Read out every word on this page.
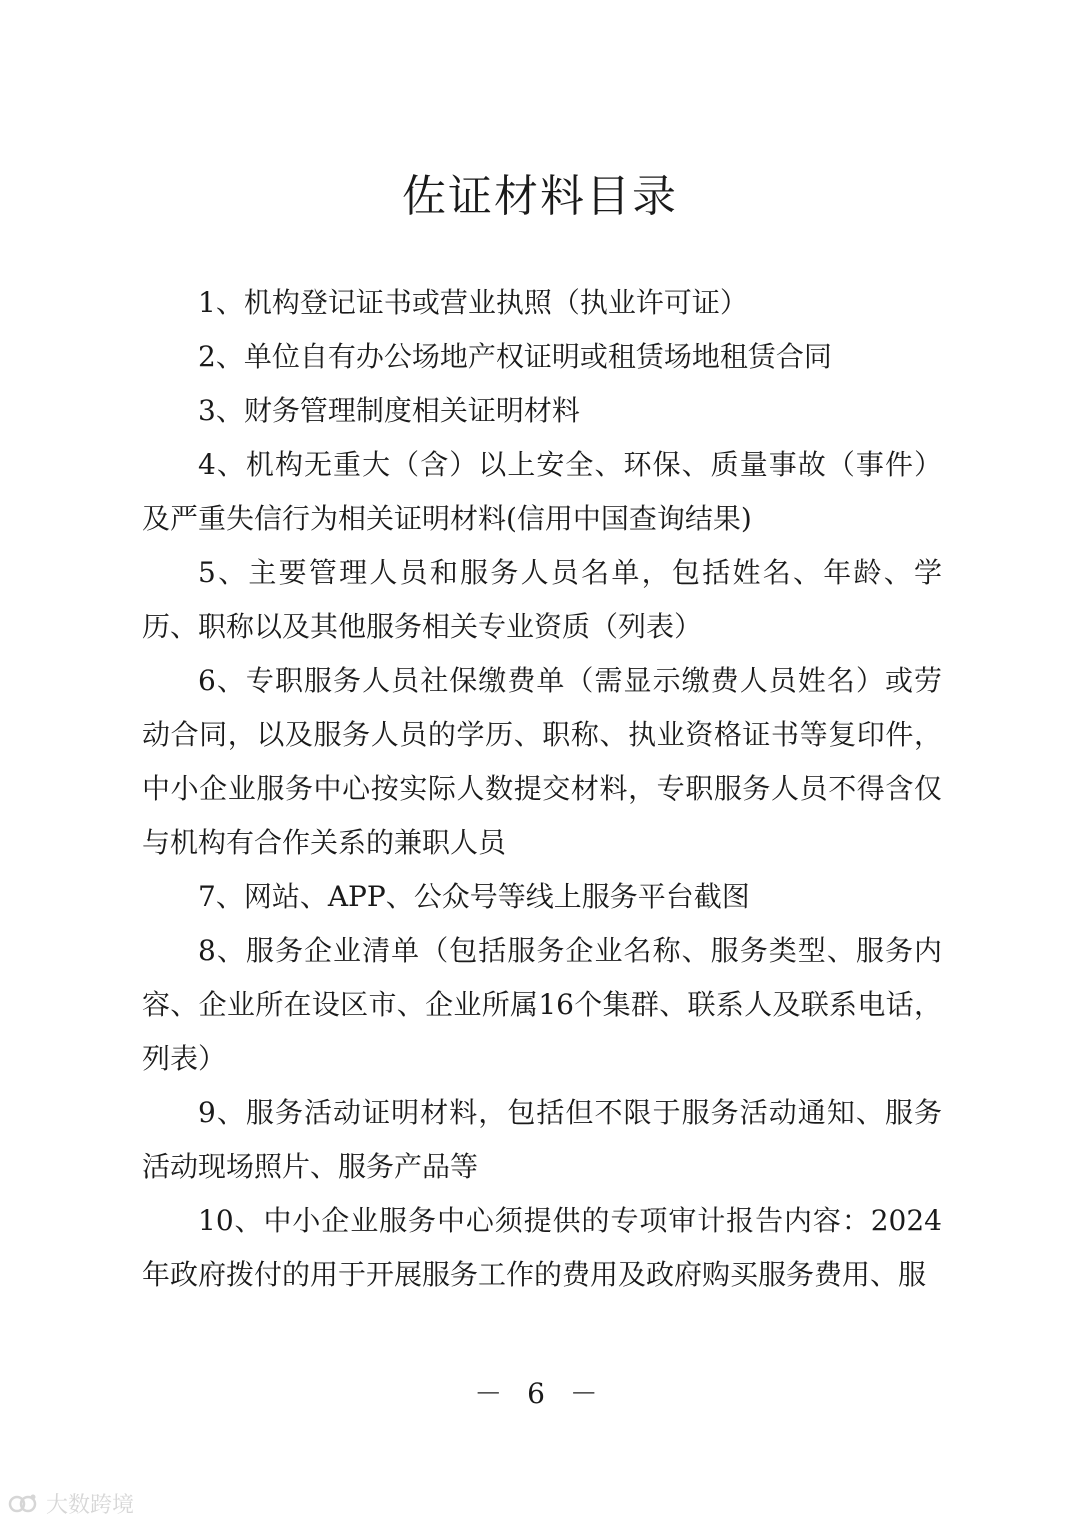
佐证材料目录

1、机构登记证书或营业执照（执业许可证）

2、单位自有办公场地产权证明或租赁场地租赁合同

3、财务管理制度相关证明材料

4、机构无重大（含）以上安全、环保、质量事故（事件）及严重失信行为相关证明材料(信用中国查询结果)

5、主要管理人员和服务人员名单，包括姓名、年龄、学历、职称以及其他服务相关专业资质（列表）

6、专职服务人员社保缴费单（需显示缴费人员姓名）或劳动合同，以及服务人员的学历、职称、执业资格证书等复印件，中小企业服务中心按实际人数提交材料，专职服务人员不得含仅与机构有合作关系的兼职人员

7、网站、APP、公众号等线上服务平台截图

8、服务企业清单（包括服务企业名称、服务类型、服务内容、企业所在设区市、企业所属16个集群、联系人及联系电话，列表）

9、服务活动证明材料，包括但不限于服务活动通知、服务活动现场照片、服务产品等

10、中小企业服务中心须提供的专项审计报告内容：2024年政府拨付的用于开展服务工作的费用及政府购买服务费用、服

－ 6 －
大数跨境
